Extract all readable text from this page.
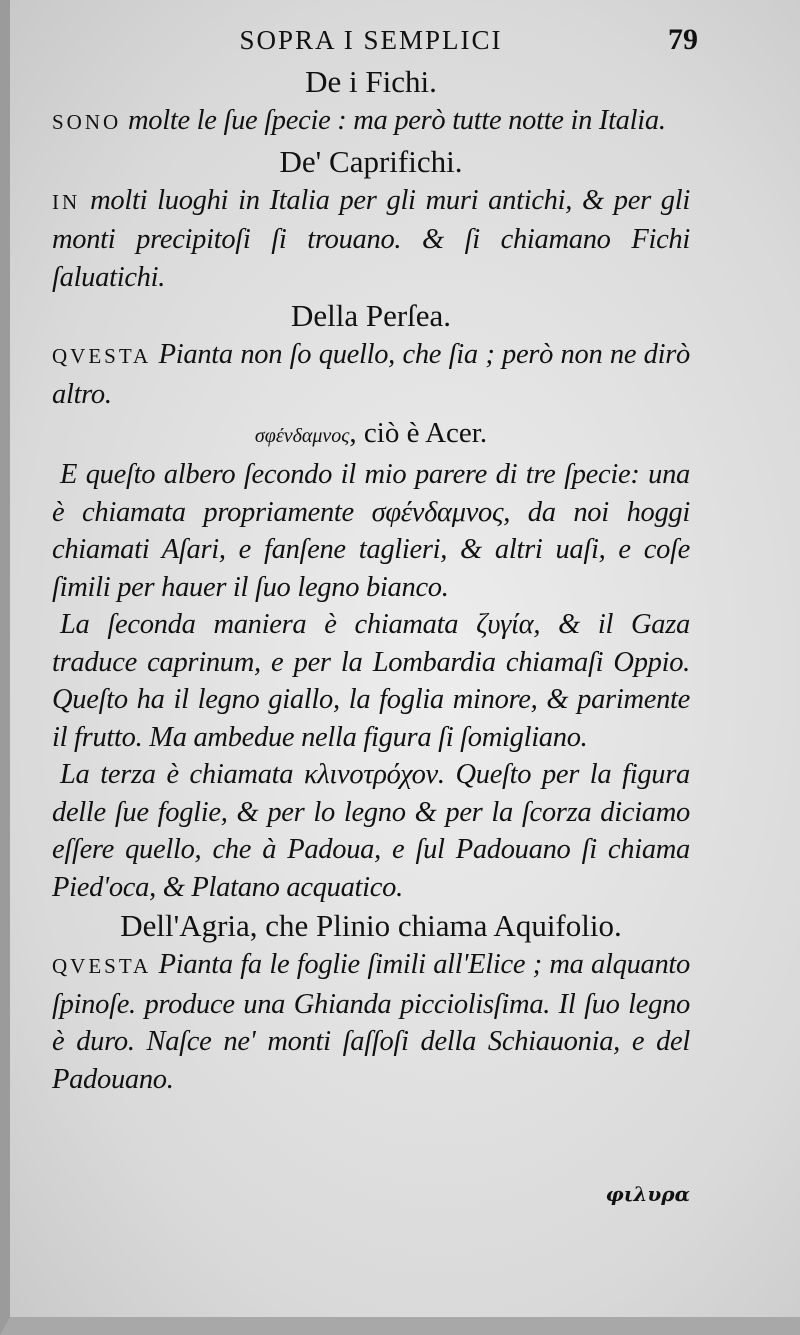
SOPRA I SEMPLICI	79
De i Fichi.

SONO molte le ſue ſpecie : ma però tutte notte in Italia.

De' Caprifichi.

IN molti luoghi in Italia per gli muri antichi, & per gli monti precipitoſi ſi trouano. & ſi chiamano Fichi ſaluatichi.

Della Perſea.

QVESTA Pianta non ſo quello, che ſia ; però non ne dirò altro.

σφένδαμνος, ciò è Acer.

E queſto albero ſecondo il mio parere di tre ſpecie: una è chiamata propriamente σφένδαμνος, da noi hoggi chiamati Aſari, e fanſene taglieri, & altri uaſi, e coſe ſimili per hauer il ſuo legno bianco.

La ſeconda maniera è chiamata ζυγία, & il Gaza traduce caprinum, e per la Lombardia chiamaſi Oppio. Queſto ha il legno giallo, la foglia minore, & parimente il frutto. Ma ambedue nella figura ſi ſomigliano.

La terza è chiamata κλινοτρόχον. Queſto per la figura delle ſue foglie, & per lo legno & per la ſcorza diciamo eſſere quello, che à Padoua, e ſul Padouano ſi chiama Pied'oca, & Platano acquatico.

Dell'Agria, che Plinio chiama Aquifolio.

QVESTA Pianta fa le foglie ſimili all'Elice ; ma alquanto ſpinoſe. produce una Ghianda picciolisſima. Il ſuo legno è duro. Naſce ne' monti ſaſſoſi della Schiauonia, e del Padouano.

φιλυρα
